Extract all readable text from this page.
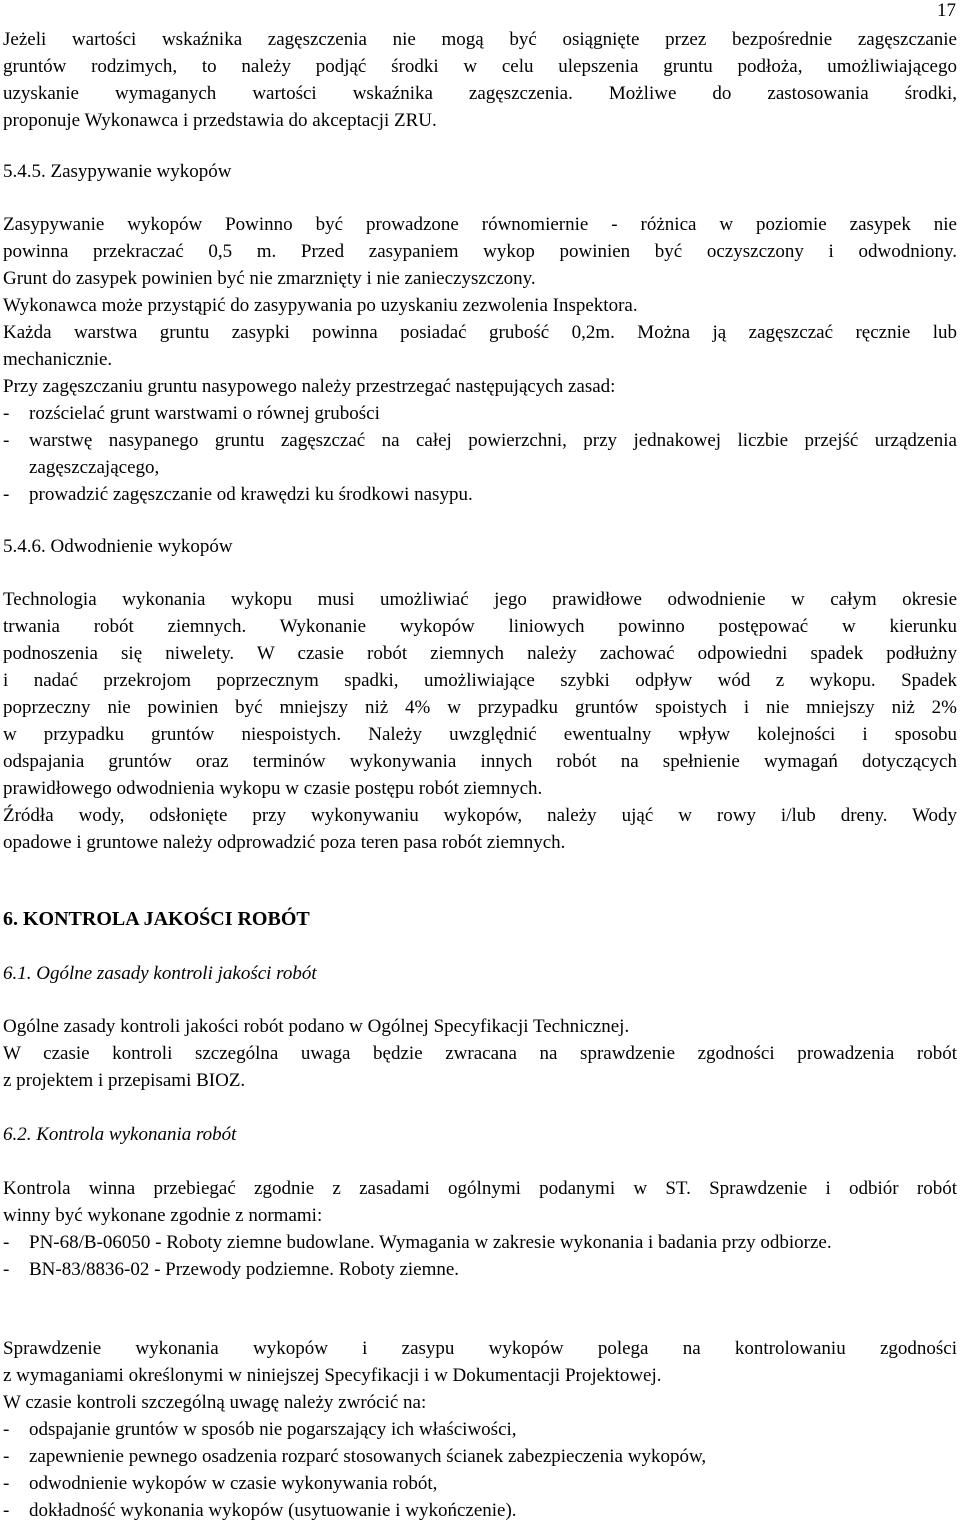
17

Jeżeli wartości wskaźnika zagęszczenia nie mogą być osiągnięte przez bezpośrednie zagęszczanie

gruntów rodzimych, to należy podjąć środki w celu ulepszenia gruntu podłoża, umożliwiającego

uzyskanie wymaganych wartości wskaźnika zagęszczenia. Możliwe do zastosowania środki,

proponuje Wykonawca i przedstawia do akceptacji ZRU.

5.4.5. Zasypywanie wykopów

Zasypywanie wykopów Powinno być prowadzone równomiernie - różnica w poziomie zasypek nie

powinna przekraczać 0,5 m. Przed zasypaniem wykop powinien być oczyszczony i odwodniony.

Grunt do zasypek powinien być nie zmarznięty i nie zanieczyszczony.

Wykonawca może przystąpić do zasypywania po uzyskaniu zezwolenia Inspektora.

Każda warstwa gruntu zasypki powinna posiadać grubość 0,2m. Można ją zagęszczać ręcznie lub

mechanicznie.

Przy zagęszczaniu gruntu nasypowego należy przestrzegać następujących zasad:

- rozścielać grunt warstwami o równej grubości
- warstwę nasypanego gruntu zagęszczać na całej powierzchni, przy jednakowej liczbie przejść urządzenia zagęszczającego,
- prowadzić zagęszczanie od krawędzi ku środkowi nasypu.
5.4.6. Odwodnienie wykopów

Technologia wykonania wykopu musi umożliwiać jego prawidłowe odwodnienie w całym okresie

trwania robót ziemnych. Wykonanie wykopów liniowych powinno postępować w kierunku

podnoszenia się niwelety. W czasie robót ziemnych należy zachować odpowiedni spadek podłużny

i nadać przekrojom poprzecznym spadki, umożliwiające szybki odpływ wód z wykopu. Spadek

poprzeczny nie powinien być mniejszy niż 4% w przypadku gruntów spoistych i nie mniejszy niż 2%

w przypadku gruntów niespoistych. Należy uwzględnić ewentualny wpływ kolejności i sposobu

odspajania gruntów oraz terminów wykonywania innych robót na spełnienie wymagań dotyczących

prawidłowego odwodnienia wykopu w czasie postępu robót ziemnych.

Źródła wody, odsłonięte przy wykonywaniu wykopów, należy ująć w rowy i/lub dreny. Wody

opadowe i gruntowe należy odprowadzić poza teren pasa robót ziemnych.

6. KONTROLA JAKOŚCI ROBÓT
6.1. Ogólne zasady kontroli jakości robót

Ogólne zasady kontroli jakości robót podano w Ogólnej Specyfikacji Technicznej.

W czasie kontroli szczególna uwaga będzie zwracana na sprawdzenie zgodności prowadzenia robót

z projektem i przepisami BIOZ.

6.2. Kontrola wykonania robót

Kontrola winna przebiegać zgodnie z zasadami ogólnymi podanymi w ST. Sprawdzenie i odbiór robót

winny być wykonane zgodnie z normami:

- PN-68/B-06050 - Roboty ziemne budowlane. Wymagania w zakresie wykonania i badania przy odbiorze.
- BN-83/8836-02 - Przewody podziemne. Roboty ziemne.

Sprawdzenie wykonania wykopów i zasypu wykopów polega na kontrolowaniu zgodności

z wymaganiami określonymi w niniejszej Specyfikacji i w Dokumentacji Projektowej.

W czasie kontroli szczególną uwagę należy zwrócić na:

- odspajanie gruntów w sposób nie pogarszający ich właściwości,
- zapewnienie pewnego osadzenia rozparć stosowanych ścianek zabezpieczenia wykopów,
- odwodnienie wykopów w czasie wykonywania robót,
- dokładność wykonania wykopów (usytuowanie i wykończenie).
